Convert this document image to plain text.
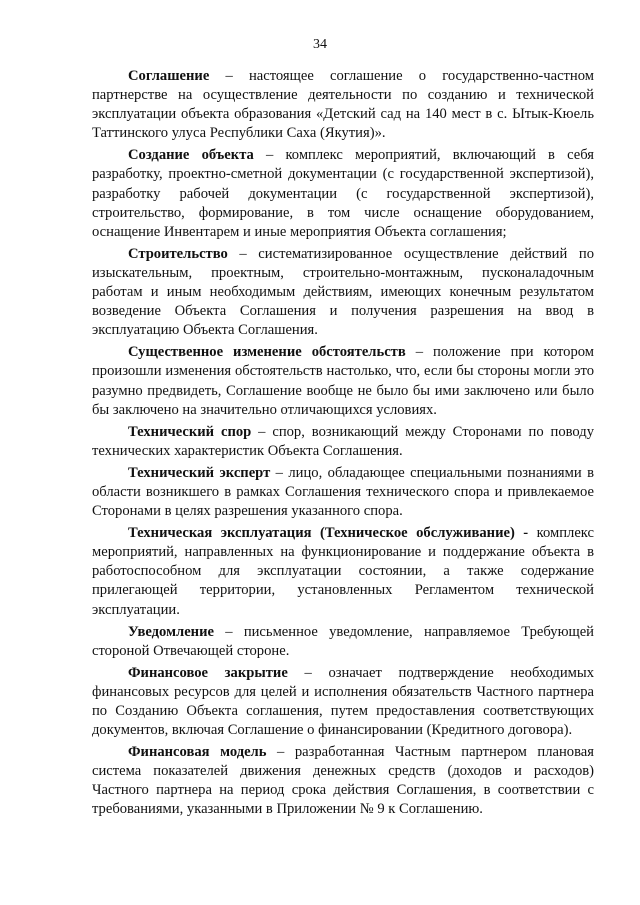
34

Соглашение – настоящее соглашение о государственно-частном партнерстве на осуществление деятельности по созданию и технической эксплуатации объекта образования «Детский сад на 140 мест в с. Ытык-Кюель Таттинского улуса Республики Саха (Якутия)».

Создание объекта – комплекс мероприятий, включающий в себя разработку, проектно-сметной документации (с государственной экспертизой), разработку рабочей документации (с государственной экспертизой), строительство, формирование, в том числе оснащение оборудованием, оснащение Инвентарем и иные мероприятия Объекта соглашения;

Строительство – систематизированное осуществление действий по изыскательным, проектным, строительно-монтажным, пусконаладочным работам и иным необходимым действиям, имеющих конечным результатом возведение Объекта Соглашения и получения разрешения на ввод в эксплуатацию Объекта Соглашения.

Существенное изменение обстоятельств – положение при котором произошли изменения обстоятельств настолько, что, если бы стороны могли это разумно предвидеть, Соглашение вообще не было бы ими заключено или было бы заключено на значительно отличающихся условиях.

Технический спор – спор, возникающий между Сторонами по поводу технических характеристик Объекта Соглашения.

Технический эксперт – лицо, обладающее специальными познаниями в области возникшего в рамках Соглашения технического спора и привлекаемое Сторонами в целях разрешения указанного спора.

Техническая эксплуатация (Техническое обслуживание) - комплекс мероприятий, направленных на функционирование и поддержание объекта в работоспособном для эксплуатации состоянии, а также содержание прилегающей территории, установленных Регламентом технической эксплуатации.

Уведомление – письменное уведомление, направляемое Требующей стороной Отвечающей стороне.

Финансовое закрытие – означает подтверждение необходимых финансовых ресурсов для целей и исполнения обязательств Частного партнера по Созданию Объекта соглашения, путем предоставления соответствующих документов, включая Соглашение о финансировании (Кредитного договора).

Финансовая модель – разработанная Частным партнером плановая система показателей движения денежных средств (доходов и расходов) Частного партнера на период срока действия Соглашения, в соответствии с требованиями, указанными в Приложении № 9 к Соглашению.
